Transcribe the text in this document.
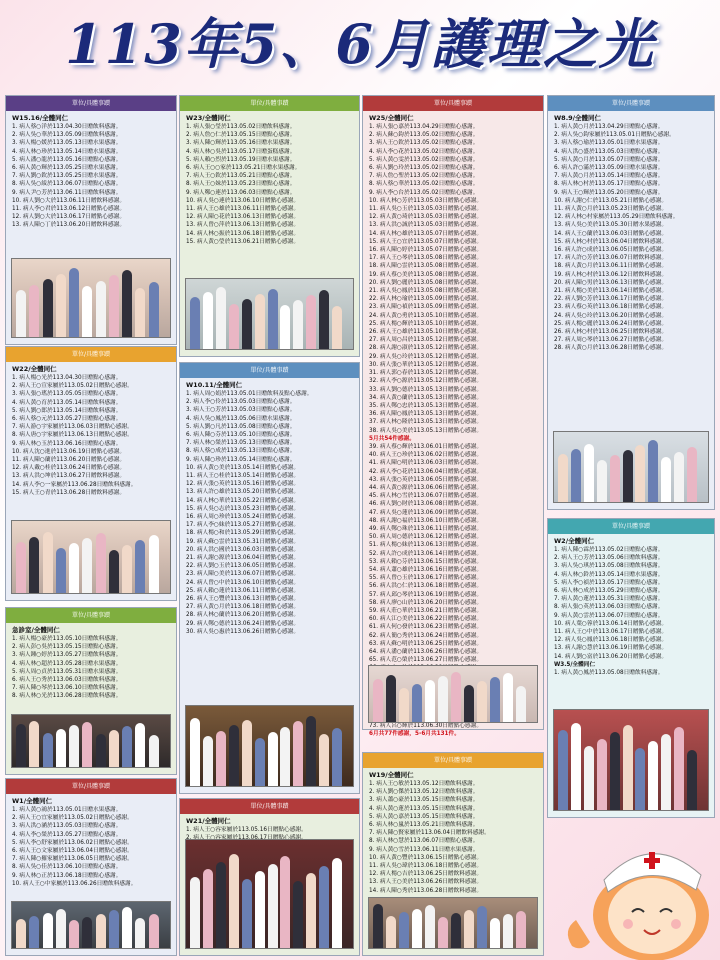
113年5、6月護理之光
單位/具體事蹟
W15.16/全體同仁
1. 病人蔡○洋於113.04.30日贈飲料感謝。
2. 病人吳○華於113.05.09日贈飲料感謝。
3. 病人楊○媛於113.05.13日贈水果感謝。
4. 病人林○珍於113.05.14日贈水果感謝。
5. 病人潘○龍於113.05.16日贈點心感謝。
6. 病人黃○輝於113.05.25日贈水果感謝。
7. 病人劉○欽於113.05.25日贈水果感謝。
8. 病人吳○綾於113.06.07日贈點心感謝。
9. 病人尹○芳於113.06.11日贈飲料感謝。
10. 病人劉○大於113.06.11日贈飲料感謝。
11. 病人李○君於113.06.12日贈點心感謝。
12. 病人劉○大於113.06.17日贈點心感謝。
13. 病人陳○丁於113.06.20日贈飲料感謝。
單位/具體事蹟
W22/全體同仁
1. 病人楊○光於113.04.30日贈點心感謝。
2. 病人王○宣家屬於113.05.02日贈點心感謝。
3. 病人張○瑤於113.05.05日贈點心感謝。
4. 病人黃○育於113.05.14日贈飲料感謝。
5. 病人劉○郎於113.05.14日贈飲料感謝。
6. 病人蔡○元於113.05.27日贈點心感謝。
7. 病人游○宇家屬於113.06.03日贈點心感謝。
8. 病人唐○宇家屬於113.06.13日贈點心感謝。
9. 病人林○玉於113.06.16日贈點心感謝。
10. 病人沈○進於113.06.19日贈點心感謝。
11. 病人陳○蘭於113.06.20日贈點心感謝。
12. 病人戴○桂於113.06.24日贈點心感謝。
13. 病人洪○坤於113.06.27日贈飲料感謝。
14. 病人李○一家屬於113.06.28日贈飲料感謝。
15. 病人王○青於113.06.28日贈飲料感謝。
單位/具體事蹟
急診室/全體同仁
1. 病人楊○豪於113.05.10日贈飲料感謝。
2. 病人彭○吳於113.05.15日贈點心感謝。
3. 病人鍾○婷於113.05.27日贈飲料感謝。
4. 病人林○超於113.05.28日贈水果感謝。
5. 病人周○貞於113.05.31日贈水果感謝。
6. 病人王○秀於113.06.03日贈飲料感謝。
7. 病人陳○琴於113.06.10日贈飲料感謝。
8. 病人林○光於113.06.28日贈飲料感謝。
單位/具體事蹟
W1/全體同仁
1. 病人黃○鴻於113.05.01日贈水果感謝。
2. 病人王○宜家屬於113.05.02日贈點心感謝。
3. 病人洪○涵於113.05.03日贈點心感謝。
4. 病人李○榮於113.05.27日贈點心感謝。
5. 病人李○舒家屬於113.06.02日贈點心感謝。
6. 病人王○文家屬於113.06.04日贈點心感謝。
7. 病人陳○羅家屬於113.06.05日贈點心感謝。
8. 病人吳○佳於113.06.10日贈點心感謝。
9. 病人林○正於113.06.18日贈點心感謝。
10. 病人王○中家屬於113.06.26日贈飲料感謝。
單位/具體事蹟
W23/全體同仁
1. 病人張○瑩於113.05.02日贈飲料感謝。
2. 病人詹○仁於113.05.15日贈點心感謝。
3. 病人陳○輝於113.05.16日贈水果感謝。
4. 病人林○吳於113.05.17日贈蛋糕感謝。
5. 病人賴○烈於113.05.19日贈水果感謝。
6. 病人王○○家於113.05.21日贈水果感謝。
7. 病人王○欽於113.05.21日贈點心感謝。
8. 病人王○妹於113.05.23日贈點心感謝。
9. 病人鄭○連於113.06.03日贈點心感謝。
10. 病人吳○連於113.06.10日贈點心感謝。
11. 病人王○雄於113.06.11日贈點心感謝。
12. 病人陳○花於113.06.13日贈點心感謝。
13. 病人曾○萍於113.06.13日贈點心感謝。
14. 病人林○振於113.06.18日贈點心感謝。
15. 病人黃○瑩於113.06.21日贈點心感謝。
單位/具體事蹟
W10.11/全體同仁
1. 病人周○娟於113.05.01日贈飲料及點心感謝。
2. 病人李○伶於113.05.03日贈點心感謝。
3. 病人王○芳於113.05.03日贈點心感謝。
4. 病人吳○鳳於113.05.06日贈水果感謝。
5. 病人劉○凡於113.05.08日贈點心感謝。
6. 病人陳○芬於113.05.10日贈點心感謝。
7. 病人林○榮於113.05.13日贈點心感謝。
8. 病人蔡○成於113.05.13日贈點心感謝。
9. 病人陳○珍於113.05.14日贈點心感謝。
10. 病人黃○美於113.05.14日贈點心感謝。
11. 病人王○桂於113.05.14日贈點心感謝。
12. 病人張○英於113.05.16日贈點心感謝。
13. 病人許○雄於113.05.20日贈點心感謝。
14. 病人林○華於113.05.22日贈點心感謝。
15. 病人吳○志於113.05.23日贈點心感謝。
16. 病人周○珍於113.05.24日贈點心感謝。
17. 病人李○妹於113.05.27日贈點心感謝。
18. 病人楊○和於113.05.29日贈點心感謝。
19. 病人蘇○雲於113.05.31日贈點心感謝。
20. 病人洪○國於113.06.03日贈點心感謝。
21. 病人謝○源於113.06.04日贈點心感謝。
22. 病人劉○玉於113.06.05日贈點心感謝。
23. 病人陳○美於113.06.07日贈點心感謝。
24. 病人曾○中於113.06.10日贈點心感謝。
25. 病人賴○蓮於113.06.11日贈點心感謝。
26. 病人王○豐於113.06.13日贈點心感謝。
27. 病人黃○月於113.06.18日贈點心感謝。
28. 病人林○蘭於113.06.20日贈點心感謝。
29. 病人鄭○德於113.06.24日贈點心感謝。
30. 病人吳○惠於113.06.26日贈點心感謝。
單位/具體事蹟
W21/全體同仁
1. 病人王○容家屬於113.05.16日贈點心感謝。
單位/具體事蹟
W25/全體同仁
1. 病人張○嘉於113.04.29日贈點心感謝。
2. 病人蘇○鈞於113.05.02日贈點心感謝。
3. 病人王○欽於113.05.02日贈點心感謝。
4. 病人李○花於113.05.02日贈點心感謝。
5. 病人黃○雯於113.05.02日贈點心感謝。
6. 病人劉○玲於113.05.02日贈點心感謝。
7. 病人詹○聖於113.05.02日贈點心感謝。
8. 病人蔡○華於113.05.02日贈點心感謝。
9. 病人李○台於113.05.02日贈點心感謝。
10. 病人林○芳於113.05.03日贈點心感謝。
11. 病人吳○玉於113.05.03日贈點心感謝。
12. 病人黃○琦於113.05.03日贈點心感謝。
13. 病人洪○誠於113.05.03日贈點心感謝。
14. 病人林○雄於113.05.07日贈點心感謝。
15. 病人王○宜於113.05.07日贈點心感謝。
16. 病人陳○婷於113.05.07日贈點心感謝。
17. 病人王○琴於113.05.08日贈點心感謝。
18. 病人陳○雲於113.05.08日贈點心感謝。
19. 病人蔡○美於113.05.08日贈點心感謝。
20. 病人劉○麗於113.05.08日贈點心感謝。
21. 病人吳○鳳於113.05.08日贈點心感謝。
22. 病人林○瑜於113.05.09日贈點心感謝。
23. 病人陳○禎於113.05.09日贈點心感謝。
24. 病人黃○勇於113.05.10日贈點心感謝。
25. 病人楊○輝於113.05.10日贈點心感謝。
26. 病人王○雄於113.05.10日贈點心感謝。
27. 病人周○昌於113.05.12日贈點心感謝。
28. 病人謝○淑於113.05.12日贈點心感謝。
29. 病人吳○玲於113.05.12日贈點心感謝。
30. 病人張○華於113.05.12日贈點心感謝。
31. 病人郭○春於113.05.12日贈點心感謝。
32. 病人李○源於113.05.12日贈點心感謝。
33. 病人劉○德於113.05.13日贈點心感謝。
34. 病人黃○蘭於113.05.13日贈點心感謝。
35. 病人鄭○忠於113.05.13日贈點心感謝。
36. 病人陳○鳳於113.05.13日贈點心感謝。
37. 病人林○隆於113.05.13日贈點心感謝。
38. 病人吳○美於113.05.13日贈點心感謝。
5月共54件感謝。
39. 病人蔡○輝於113.06.01日贈點心感謝。
40. 病人王○珍於113.06.02日贈點心感謝。
41. 病人陳○明於113.06.03日贈點心感謝。
42. 病人李○花於113.06.04日贈點心感謝。
43. 病人張○英於113.06.05日贈點心感謝。
44. 病人黃○源於113.06.06日贈點心感謝。
45. 病人林○雪於113.06.07日贈點心感謝。
46. 病人劉○財於113.06.08日贈點心感謝。
47. 病人吳○蓮於113.06.09日贈點心感謝。
48. 病人謝○福於113.06.10日贈點心感謝。
49. 病人鄭○珠於113.06.11日贈點心感謝。
50. 病人周○德於113.06.12日贈點心感謝。
51. 病人楊○妹於113.06.13日贈點心感謝。
52. 病人許○成於113.06.14日贈點心感謝。
53. 病人賴○芬於113.06.15日贈點心感謝。
54. 病人蕭○雄於113.06.16日贈點心感謝。
55. 病人曾○玉於113.06.17日贈點心感謝。
56. 病人洪○仁於113.06.18日贈點心感謝。
57. 病人邱○琴於113.06.19日贈點心感謝。
58. 病人廖○山於113.06.20日贈點心感謝。
59. 病人莊○華於113.06.21日贈點心感謝。
60. 病人江○美於113.06.22日贈點心感謝。
61. 病人何○發於113.06.23日贈點心感謝。
62. 病人簡○秀於113.06.24日贈點心感謝。
63. 病人蘇○明於113.06.25日贈點心感謝。
64. 病人潘○蘭於113.06.26日贈點心感謝。
65. 病人范○榮於113.06.27日贈點心感謝。
73. 病人呂○輝於113.06.30日贈點心感謝。
6月共77件感謝，5-6月共131件。
單位/具體事蹟
W19/全體同仁
1. 病人王○敏於113.05.12日贈飲料感謝。
2. 病人劉○傑於113.05.12日贈飲料感謝。
3. 病人蕭○豪於113.05.15日贈飲料感謝。
4. 病人黃○蓮於113.05.15日贈飲料感謝。
5. 病人黃○嘉於113.05.15日贈飲料感謝。
6. 病人林○嵐於113.05.21日贈飲料感謝。
7. 病人陳○賢家屬於113.06.04日贈飲料感謝。
8. 病人林○慧於113.06.07日贈點心感謝。
9. 病人黃○雪於113.06.11日贈水果感謝。
10. 病人黃○豐於113.06.15日贈點心感謝。
11. 病人吳○瑋於113.06.18日贈點心感謝。
12. 病人楊○吉於113.06.25日贈飲料感謝。
13. 病人王○美於113.06.26日贈飲料感謝。
14. 病人陳○秀於113.06.28日贈飲料感謝。
單位/具體事蹟
W8.9/全體同仁
1. 病人黃○月於113.04.29日贈點心感謝。
2. 病人吳○鈞家屬於113.05.01日贈點心感謝。
3. 病人蔡○瑜於113.05.01日贈水果感謝。
4. 病人洪○盛於113.05.03日贈點心感謝。
5. 病人黃○月於113.05.07日贈點心感謝。
6. 病人許○滿於113.05.09日贈水果感謝。
7. 病人黃○月於113.05.14日贈點心感謝。
8. 病人林○村於113.05.17日贈點心感謝。
9. 病人王○輝於113.05.20日贈點心感謝。
10. 病人謝○仁於113.05.21日贈點心感謝。
11. 病人黃○月於113.05.23日贈點心感謝。
12. 病人林○村家屬於113.05.29日贈飲料感謝。
13. 病人吳○美於113.05.30日贈水果感謝。
14. 病人王○蘭於113.06.03日贈點心感謝。
15. 病人林○村於113.06.04日贈飲料感謝。
16. 病人許○成於113.06.05日贈點心感謝。
17. 病人許○芳於113.06.07日贈飲料感謝。
18. 病人黃○月於113.06.11日贈點心感謝。
19. 病人林○村於113.06.12日贈飲料感謝。
20. 病人陳○男於113.06.13日贈點心感謝。
21. 病人楊○美於113.06.14日贈點心感謝。
22. 病人劉○芳於113.06.17日贈點心感謝。
23. 病人蔡○英於113.06.18日贈點心感謝。
24. 病人吳○玲於113.06.20日贈點心感謝。
25. 病人楊○麗於113.06.24日贈點心感謝。
26. 病人林○村於113.06.25日贈飲料感謝。
27. 病人周○琴於113.06.27日贈點心感謝。
28. 病人黃○月於113.06.28日贈點心感謝。
單位/具體事蹟
W2/全體同仁
1. 病人陳○霖於113.05.02日贈點心感謝。
2. 病人王○芳於113.05.06日贈飲料感謝。
3. 病人吳○琪於113.05.08日贈飲料感謝。
4. 病人林○鈴於113.05.14日贈水果感謝。
5. 病人李○禎於113.05.17日贈點心感謝。
6. 病人林○成於113.05.29日贈點心感謝。
7. 病人黃○蓮於113.05.31日贈點心感謝。
8. 病人張○英於113.06.03日贈點心感謝。
9. 病人黃○雲於113.06.07日贈點心感謝。
10. 病人葉○蓉於113.06.14日贈點心感謝。
11. 病人王○中於113.06.17日贈點心感謝。
12. 病人吳○鳳於113.06.18日贈點心感謝。
13. 病人謝○慧於113.06.19日贈點心感謝。
14. 病人劉○富於113.06.20日贈點心感謝。
W3.5/全體同仁
1. 病人黃○鳳於113.05.08日贈飲料感謝。
